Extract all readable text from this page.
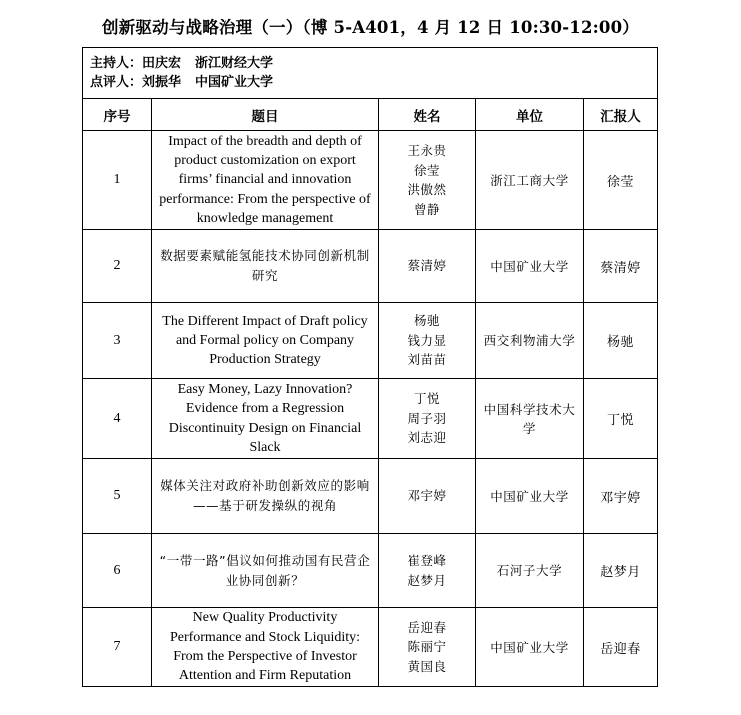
创新驱动与战略治理（一）（博 5-A401，4 月 12 日 10:30-12:00）
主持人：田庆宏 浙江财经大学
点评人：刘振华 中国矿业大学				

序号	题目	姓名	单位	汇报人
1	Impact of the breadth and depth of product customization on export firms’ financial and innovation performance: From the perspective of knowledge management	王永贵
徐莹
洪傲然
曾静	浙江工商大学	徐莹
2	数据要素赋能氢能技术协同创新机制研究	蔡清婷	中国矿业大学	蔡清婷
3	The Different Impact of Draft policy and Formal policy on Company Production Strategy	杨驰
钱力显
刘苗苗	西交利物浦大学	杨驰
4	Easy Money, Lazy Innovation? Evidence from a Regression Discontinuity Design on Financial Slack	丁悦
周子羽
刘志迎	中国科学技术大学	丁悦
5	媒体关注对政府补助创新效应的影响——基于研发操纵的视角	邓宇婷	中国矿业大学	邓宇婷
6	“一带一路”倡议如何推动国有民营企业协同创新？	崔登峰
赵梦月	石河子大学	赵梦月
7	New Quality Productivity Performance and Stock Liquidity: From the Perspective of Investor Attention and Firm Reputation	岳迎春
陈丽宁
黄国良	中国矿业大学	岳迎春
